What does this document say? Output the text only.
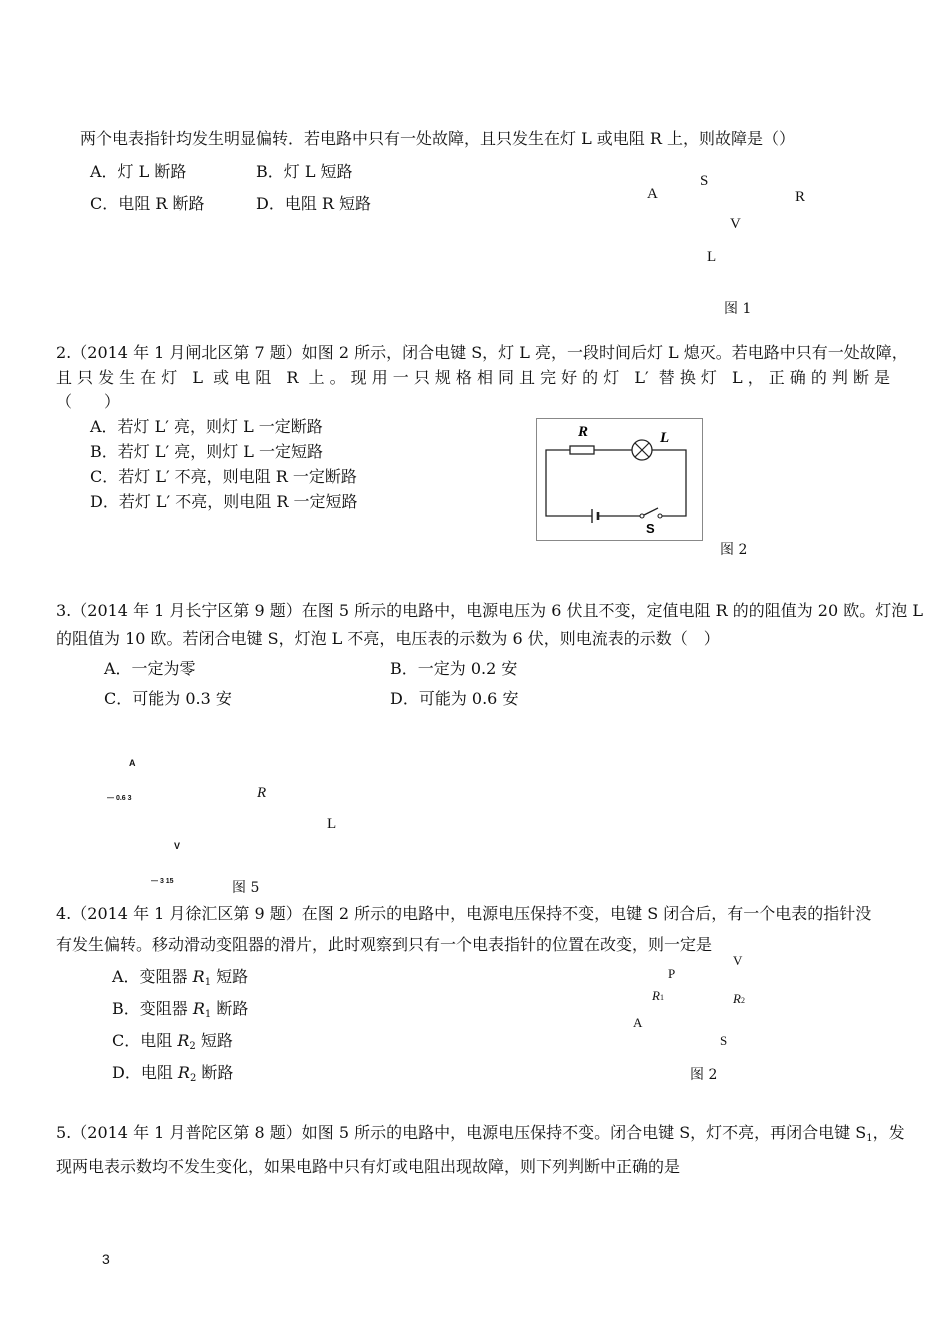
两个电表指针均发生明显偏转．若电路中只有一处故障，且只发生在灯 L 或电阻 R 上，则故障是（）
A．灯 L 断路	B．灯 L 短路
C．电阻 R 断路	D．电阻 R 短路
S
A	R
V
L
图 1
2.（2014 年 1 月闸北区第 7 题）如图 2 所示，闭合电键 S，灯 L 亮，一段时间后灯 L 熄灭。若电路中只有一处故障，
且只发生在灯 L 或电阻 R 上。现用一只规格相同且完好的灯 L′ 替换灯 L，正确的判断是
（　　）
A．若灯 L′ 亮，则灯 L 一定断路
B．若灯 L′ 亮，则灯 L 一定短路
C．若灯 L′ 不亮，则电阻 R 一定断路
D．若灯 L′ 不亮，则电阻 R 一定短路
R	L
S
图 2
3.（2014 年 1 月长宁区第 9 题）在图 5 所示的电路中，电源电压为 6 伏且不变，定值电阻 R 的的阻值为 20 欧。灯泡 L
的阻值为 10 欧。若闭合电键 S，灯泡 L 不亮，电压表的示数为 6 伏，则电流表的示数（　）
A．一定为零	B．一定为 0.2 安
C．可能为 0.3 安	D．可能为 0.6 安
A
— 0.6 3	R
L
V
— 3 15	图 5
4.（2014 年 1 月徐汇区第 9 题）在图 2 所示的电路中，电源电压保持不变，电键 S 闭合后，有一个电表的指针没
有发生偏转。移动滑动变阻器的滑片，此时观察到只有一个电表指针的位置在改变，则一定是
A．变阻器 $R_1$ 短路
B．变阻器 $R_1$ 断路
C．电阻 $R_2$ 短路
D．电阻 $R_2$ 断路
V
P
R1	R2
A
S
图 2
5.（2014 年 1 月普陀区第 8 题）如图 5 所示的电路中，电源电压保持不变。闭合电键 S，灯不亮，再闭合电键 $S_1$，发
现两电表示数均不发生变化，如果电路中只有灯或电阻出现故障，则下列判断中正确的是
3
